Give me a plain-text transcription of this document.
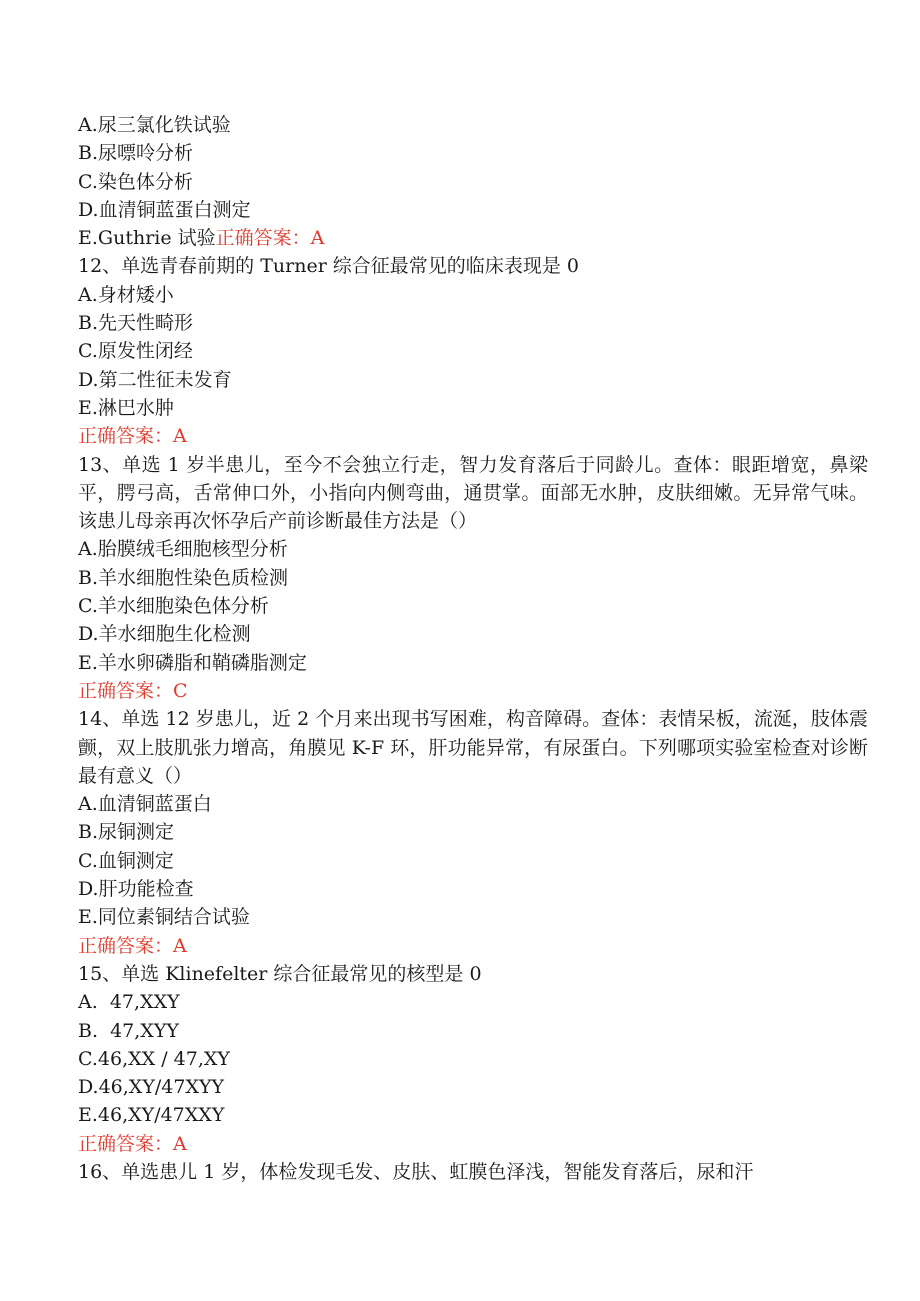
A.尿三氯化铁试验
B.尿嘌呤分析
C.染色体分析
D.血清铜蓝蛋白测定
E.Guthrie 试验正确答案：A
12、单选青春前期的 Turner 综合征最常见的临床表现是 0
A.身材矮小
B.先天性畸形
C.原发性闭经
D.第二性征未发育
E.淋巴水肿
正确答案：A
13、单选 1 岁半患儿，至今不会独立行走，智力发育落后于同龄儿。查体：眼距增宽，鼻梁平，腭弓高，舌常伸口外，小指向内侧弯曲，通贯掌。面部无水肿，皮肤细嫩。无异常气味。该患儿母亲再次怀孕后产前诊断最佳方法是（）
A.胎膜绒毛细胞核型分析
B.羊水细胞性染色质检测
C.羊水细胞染色体分析
D.羊水细胞生化检测
E.羊水卵磷脂和鞘磷脂测定
正确答案：C
14、单选 12 岁患儿，近 2 个月来出现书写困难，构音障碍。查体：表情呆板，流涎，肢体震颤，双上肢肌张力增高，角膜见 K-F 环，肝功能异常，有尿蛋白。下列哪项实验室检查对诊断最有意义（）
A.血清铜蓝蛋白
B.尿铜测定
C.血铜测定
D.肝功能检查
E.同位素铜结合试验
正确答案：A
15、单选 Klinefelter 综合征最常见的核型是 0
A.  47,XXY
B.  47,XYY
C.46,XX / 47,XY
D.46,XY/47XYY
E.46,XY/47XXY
正确答案：A
16、单选患儿 1 岁，体检发现毛发、皮肤、虹膜色泽浅，智能发育落后，尿和汗
